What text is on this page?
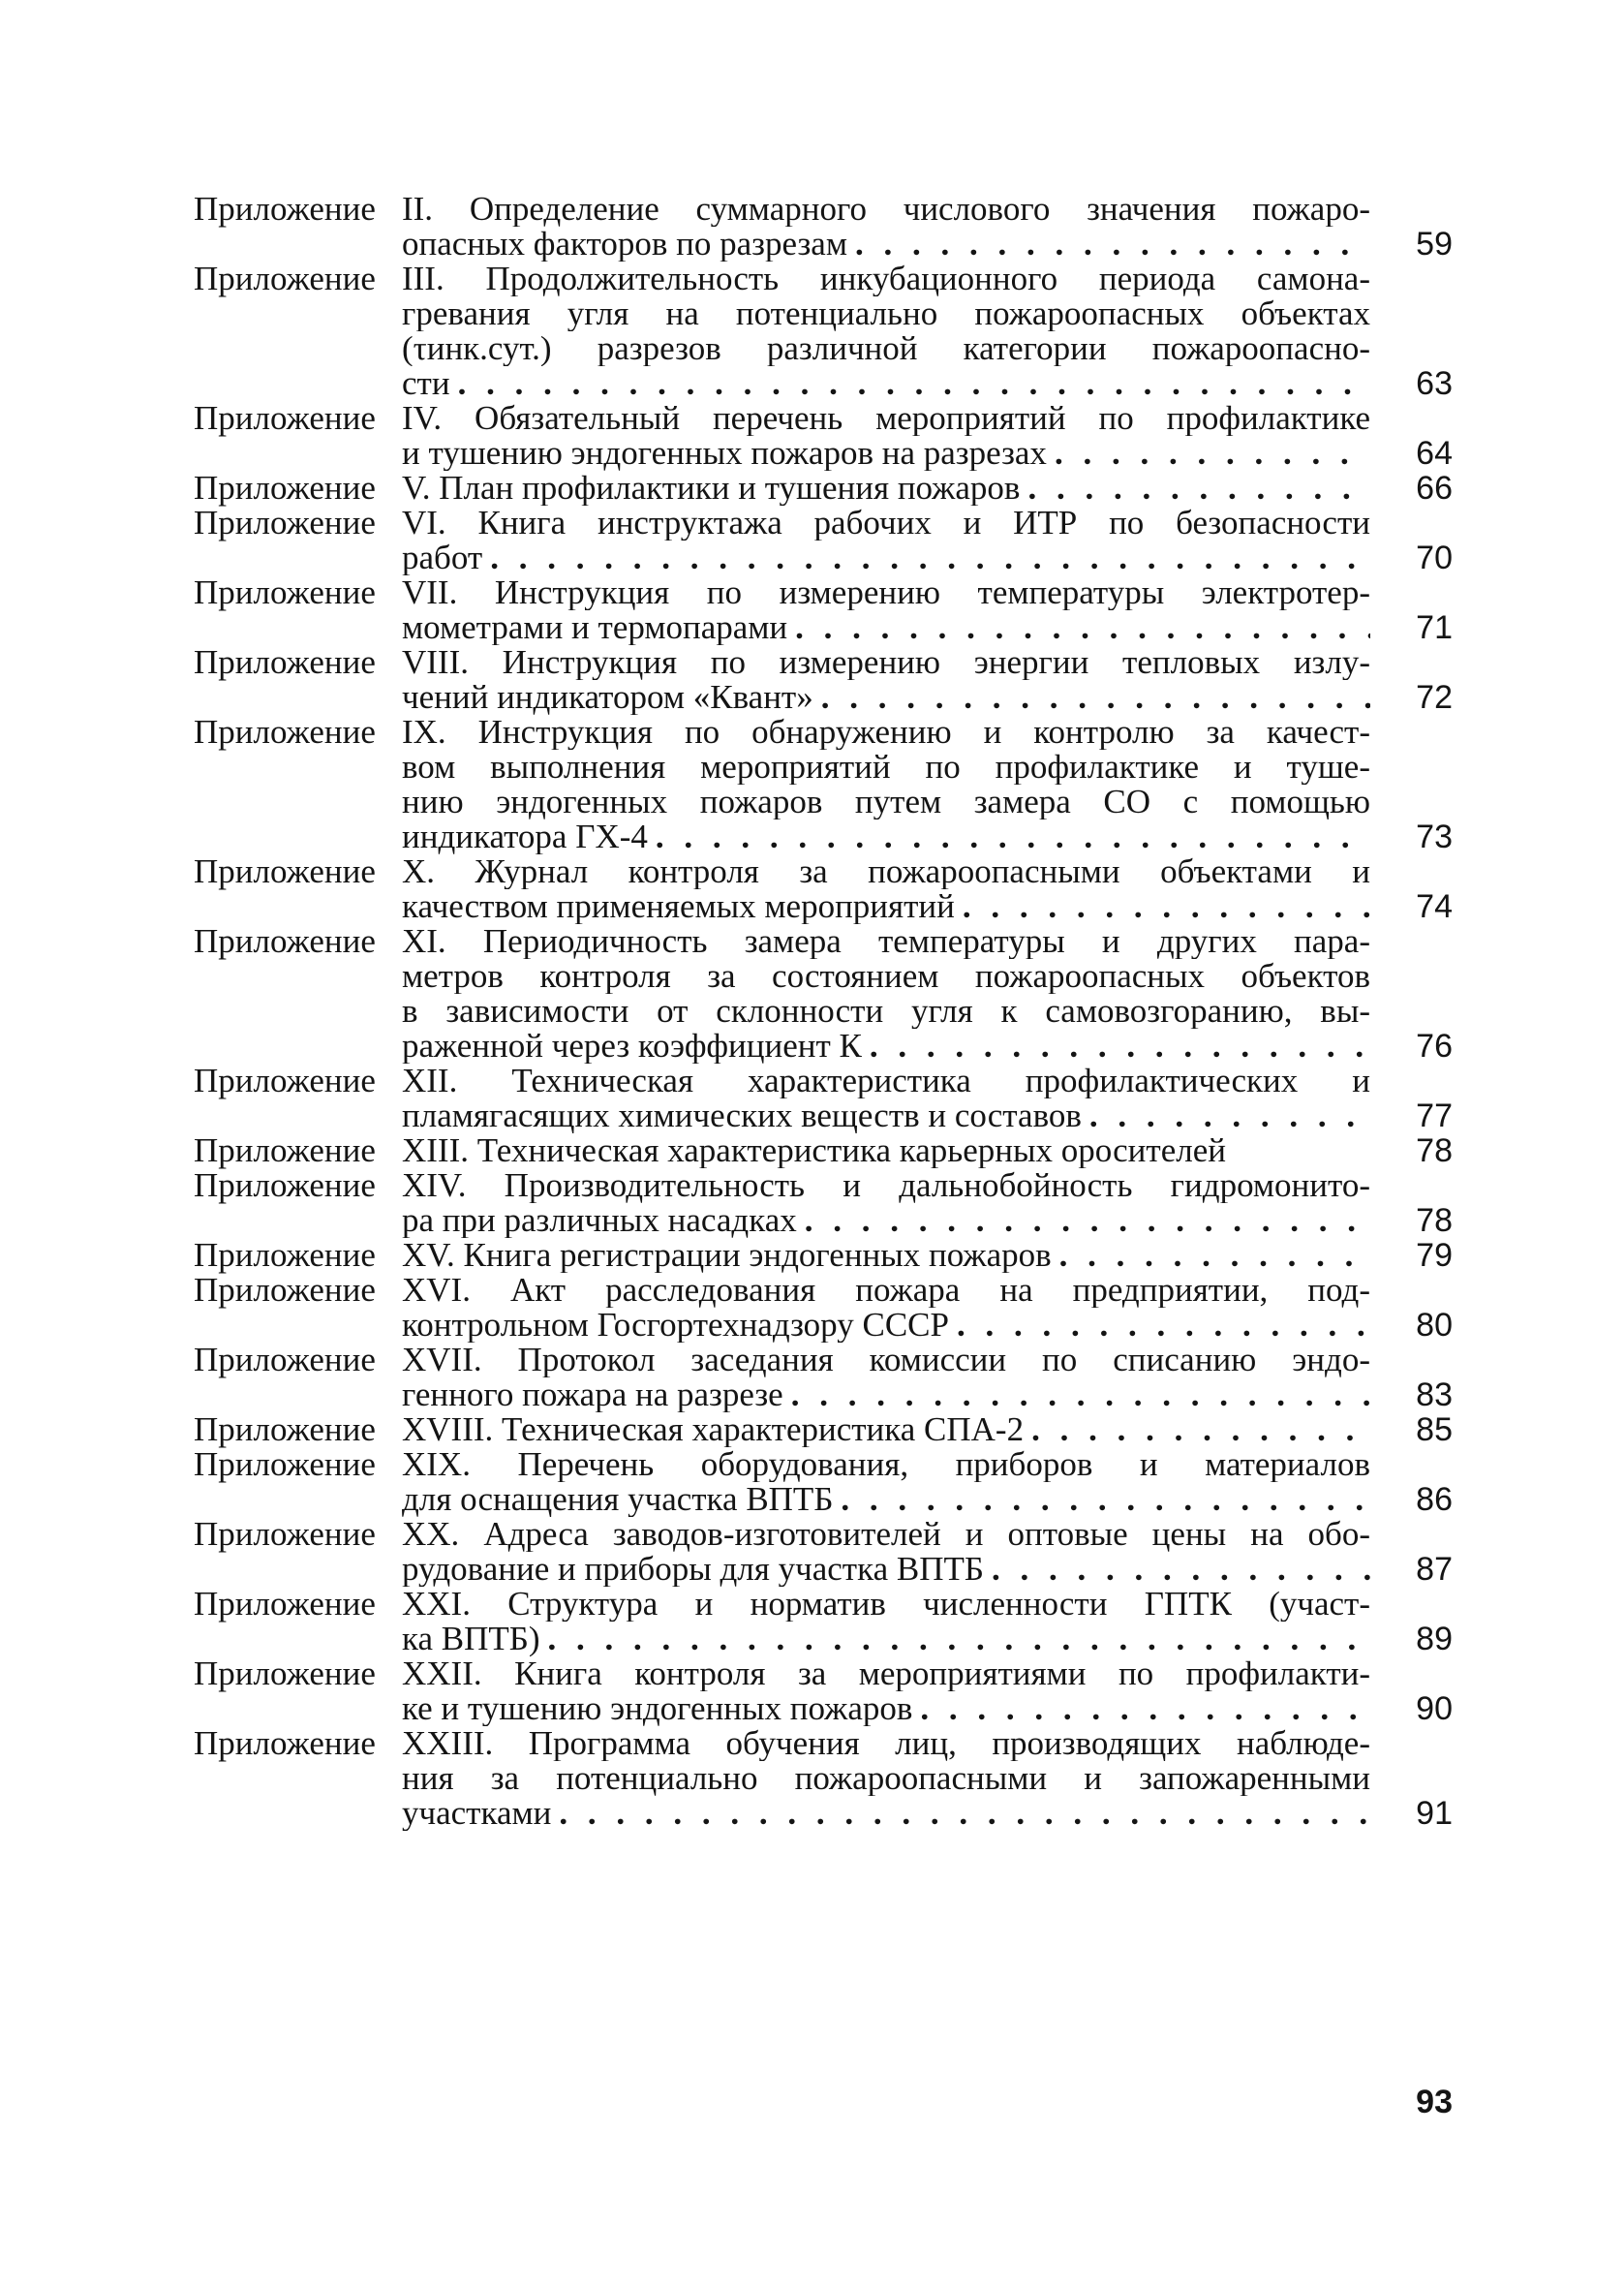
Приложение II. Определение суммарного числового значения пожаро-
опасных факторов по разрезам . . .	59
Приложение III. Продолжительность инкубационного периода самона-
гревания угля на потенциально пожароопасных объектах
(τинк.сут.) разрезов различной категории пожароопасно-
сти . . .	63
Приложение IV. Обязательный перечень мероприятий по профилактике
и тушению эндогенных пожаров на разрезах . . .	64
Приложение V. План профилактики и тушения пожаров . . .	66
Приложение VI. Книга инструктажа рабочих и ИТР по безопасности
работ . . .	70
Приложение VII. Инструкция по измерению температуры электротер-
мометрами и термопарами . . .	71
Приложение VIII. Инструкция по измерению энергии тепловых излу-
чений индикатором «Квант» . . .	72
Приложение IX. Инструкция по обнаружению и контролю за качест-
вом выполнения мероприятий по профилактике и туше-
нию эндогенных пожаров путем замера СО с помощью
индикатора ГХ-4 . . .	73
Приложение X. Журнал контроля за пожароопасными объектами и
качеством применяемых мероприятий . . .	74
Приложение XI. Периодичность замера температуры и других пара-
метров контроля за состоянием пожароопасных объектов
в зависимости от склонности угля к самовозгоранию, вы-
раженной через коэффициент К . . .	76
Приложение XII. Техническая характеристика профилактических и
пламягасящих химических веществ и составов . . .	77
Приложение XIII. Техническая характеристика карьерных оросителей	78
Приложение XIV. Производительность и дальнобойность гидромонито-
ра при различных насадках . . .	78
Приложение XV. Книга регистрации эндогенных пожаров . . .	79
Приложение XVI. Акт расследования пожара на предприятии, под-
контрольном Госгортехнадзору СССР . . .	80
Приложение XVII. Протокол заседания комиссии по списанию эндо-
генного пожара на разрезе . . .	83
Приложение XVIII. Техническая характеристика СПА-2 . . .	85
Приложение XIX. Перечень оборудования, приборов и материалов
для оснащения участка ВПТБ . . .	86
Приложение XX. Адреса заводов-изготовителей и оптовые цены на обо-
рудование и приборы для участка ВПТБ . . .	87
Приложение XXI. Структура и норматив численности ГПТК (участ-
ка ВПТБ) . . .	89
Приложение XXII. Книга контроля за мероприятиями по профилакти-
ке и тушению эндогенных пожаров . . .	90
Приложение XXIII. Программа обучения лиц, производящих наблюде-
ния за потенциально пожароопасными и запожаренными
участками . . .	91
93
